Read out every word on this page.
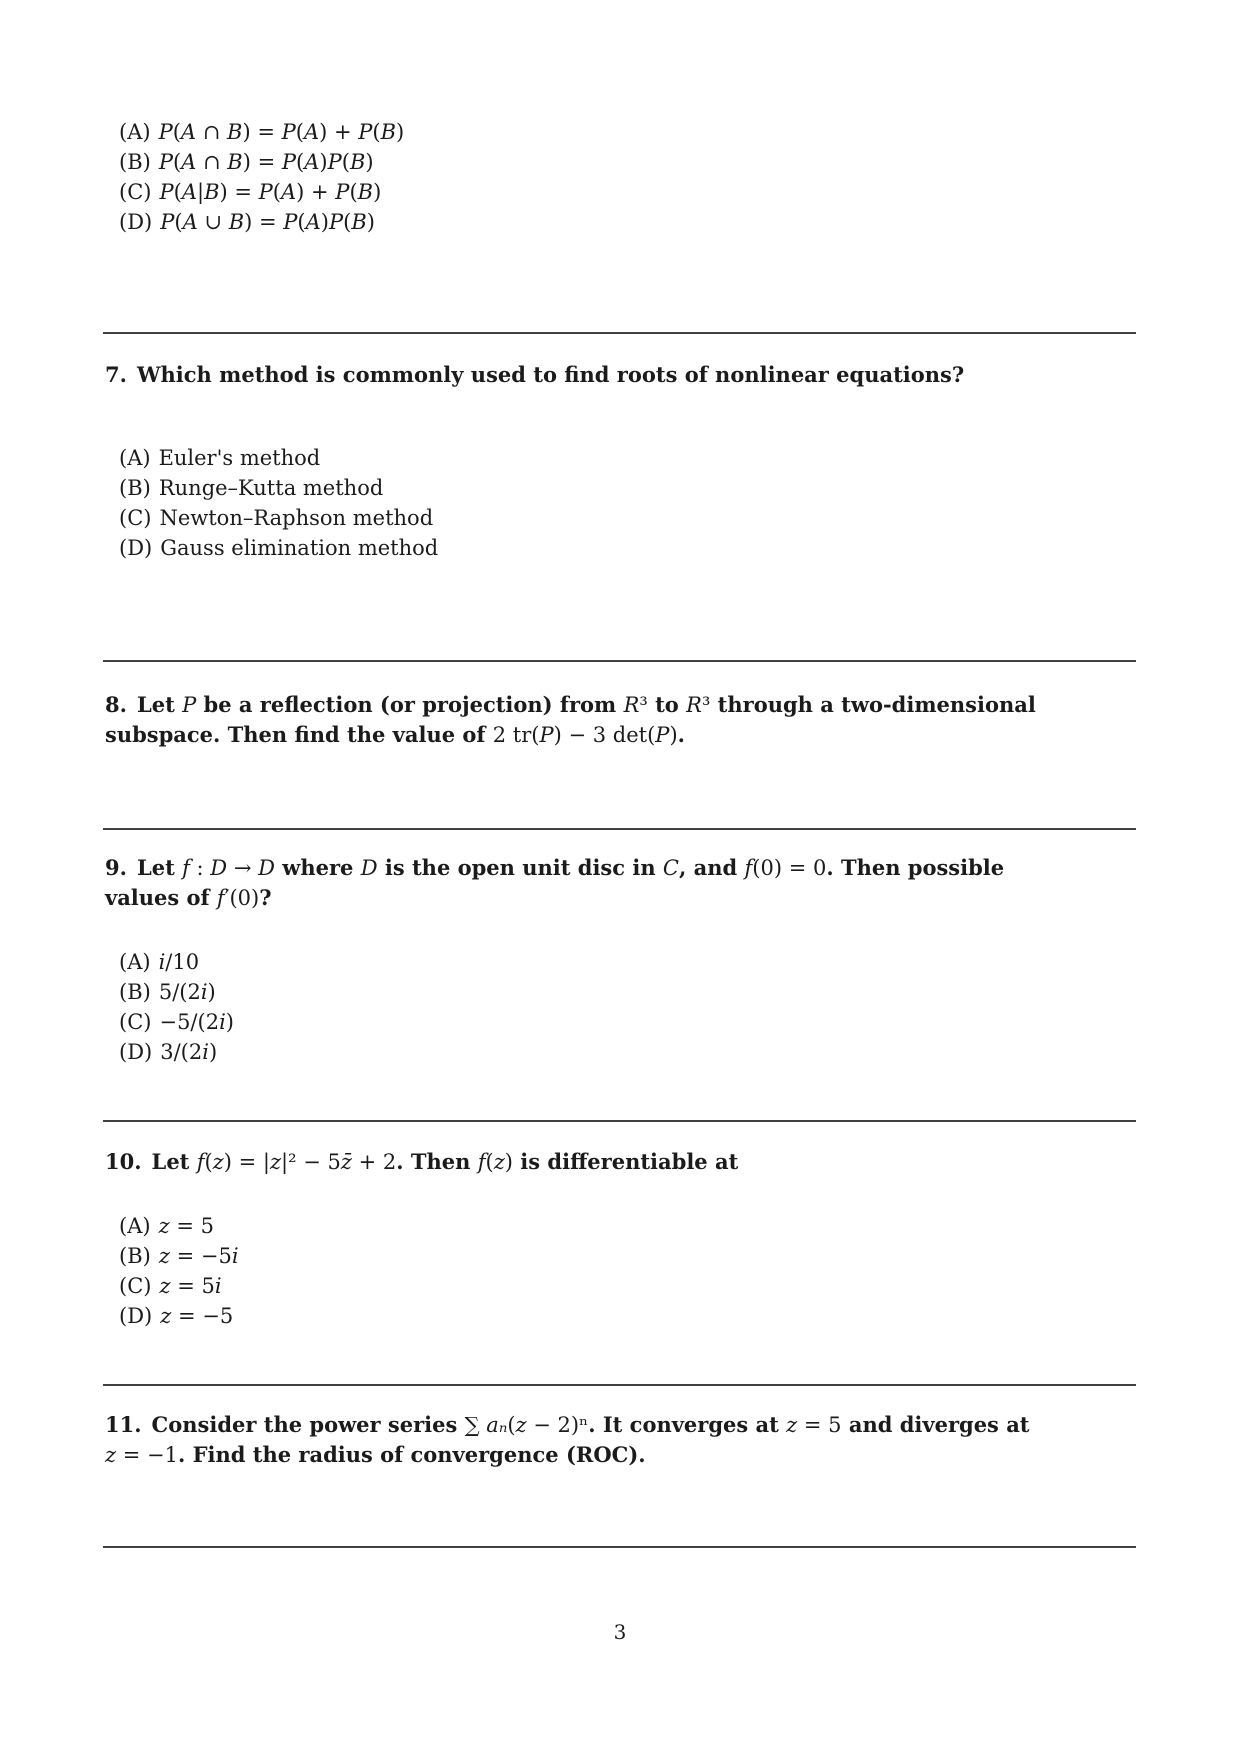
(A) P(A ∩ B) = P(A) + P(B)
(B) P(A ∩ B) = P(A)P(B)
(C) P(A|B) = P(A) + P(B)
(D) P(A ∪ B) = P(A)P(B)
7. Which method is commonly used to find roots of nonlinear equations?
(A) Euler's method
(B) Runge–Kutta method
(C) Newton–Raphson method
(D) Gauss elimination method
8. Let P be a reflection (or projection) from R³ to R³ through a two-dimensional
subspace. Then find the value of 2 tr(P) − 3 det(P).
9. Let f : D → D where D is the open unit disc in C, and f(0) = 0. Then possible
values of f′(0)?
(A) i/10
(B) 5/(2i)
(C) −5/(2i)
(D) 3/(2i)
10. Let f(z) = |z|² − 5z̄ + 2. Then f(z) is differentiable at
(A) z = 5
(B) z = −5i
(C) z = 5i
(D) z = −5
11. Consider the power series ∑ aₙ(z − 2)ⁿ. It converges at z = 5 and diverges at
z = −1. Find the radius of convergence (ROC).
3
